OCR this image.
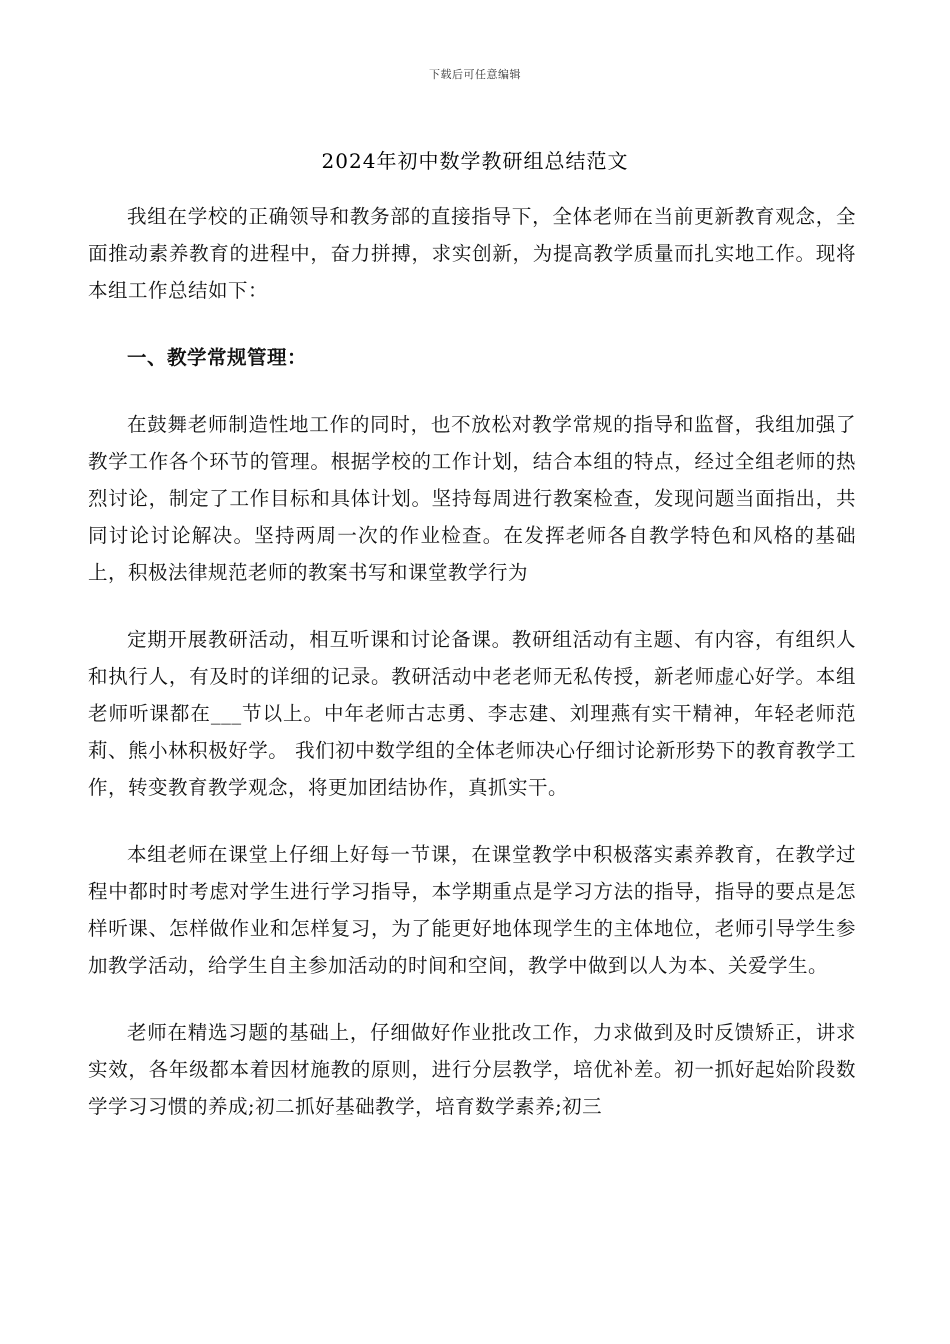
下载后可任意编辑
2024年初中数学教研组总结范文

我组在学校的正确领导和教务部的直接指导下，全体老师在当前更新教育观念，全面推动素养教育的进程中，奋力拼搏，求实创新，为提高教学质量而扎实地工作。现将本组工作总结如下：

一、教学常规管理：

在鼓舞老师制造性地工作的同时，也不放松对教学常规的指导和监督，我组加强了教学工作各个环节的管理。根据学校的工作计划，结合本组的特点，经过全组老师的热烈讨论，制定了工作目标和具体计划。坚持每周进行教案检查，发现问题当面指出，共同讨论讨论解决。坚持两周一次的作业检查。在发挥老师各自教学特色和风格的基础上，积极法律规范老师的教案书写和课堂教学行为

定期开展教研活动，相互听课和讨论备课。教研组活动有主题、有内容，有组织人和执行人，有及时的详细的记录。教研活动中老老师无私传授，新老师虚心好学。本组老师听课都在___节以上。中年老师古志勇、李志建、刘理燕有实干精神，年轻老师范莉、熊小林积极好学。 我们初中数学组的全体老师决心仔细讨论新形势下的教育教学工作，转变教育教学观念，将更加团结协作，真抓实干。

本组老师在课堂上仔细上好每一节课，在课堂教学中积极落实素养教育，在教学过程中都时时考虑对学生进行学习指导，本学期重点是学习方法的指导，指导的要点是怎样听课、怎样做作业和怎样复习，为了能更好地体现学生的主体地位，老师引导学生参加教学活动，给学生自主参加活动的时间和空间，教学中做到以人为本、关爱学生。

老师在精选习题的基础上，仔细做好作业批改工作，力求做到及时反馈矫正，讲求实效，各年级都本着因材施教的原则，进行分层教学，培优补差。初一抓好起始阶段数学学习习惯的养成;初二抓好基础教学，培育数学素养;初三
